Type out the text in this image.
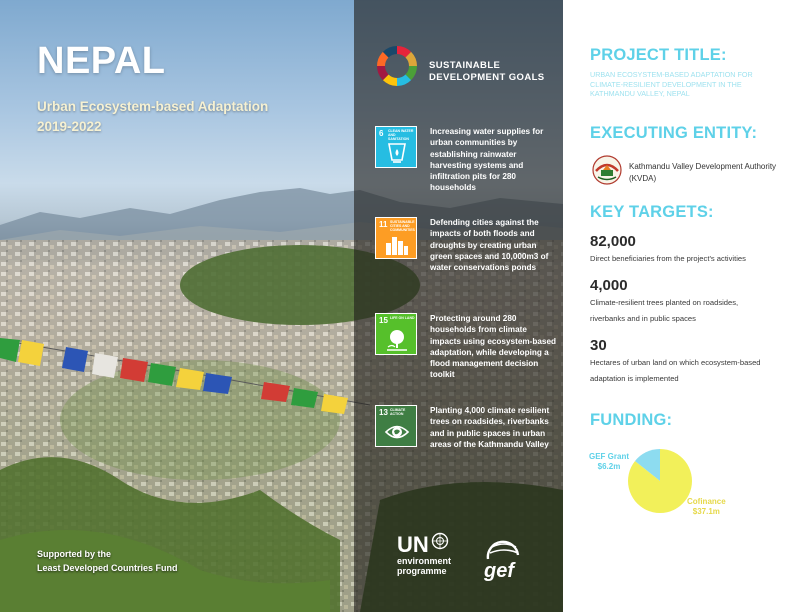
NEPAL
Urban Ecosystem-based Adaptation
2019-2022
Supported by the
Least Developed Countries Fund
SUSTAINABLE
DEVELOPMENT GOALS
6 CLEAN WATER AND SANITATION
Increasing water supplies for urban communities by establishing rainwater harvesting systems and infiltration pits for 280 households
11 SUSTAINABLE CITIES AND COMMUNITIES
Defending cities against the impacts of both floods and droughts by creating urban green spaces and 10,000m3 of water conservations ponds
15 LIFE ON LAND	Protecting around 280 households from climate impacts using ecosystem-based adaptation, while developing a flood management decision toolkit
13 CLIMATE ACTION	Planting 4,000 climate resilient trees on roadsides, riverbanks and in public spaces in urban areas of the Kathmandu Valley
UN
environment
programme gef
PROJECT TITLE:
URBAN ECOSYSTEM-BASED ADAPTATION FOR CLIMATE-RESILIENT DEVELOPMENT IN THE KATHMANDU VALLEY, NEPAL
EXECUTING ENTITY:
Kathmandu Valley Development Authority (KVDA)
KEY TARGETS:
82,000
Direct beneficiaries from the project's activities
4,000
Climate-resilient trees planted on roadsides, riverbanks and in public spaces
30
Hectares of urban land on which ecosystem-based adaptation is implemented
FUNDING:
GEF Grant
$6.2m
Cofinance
$37.1m
